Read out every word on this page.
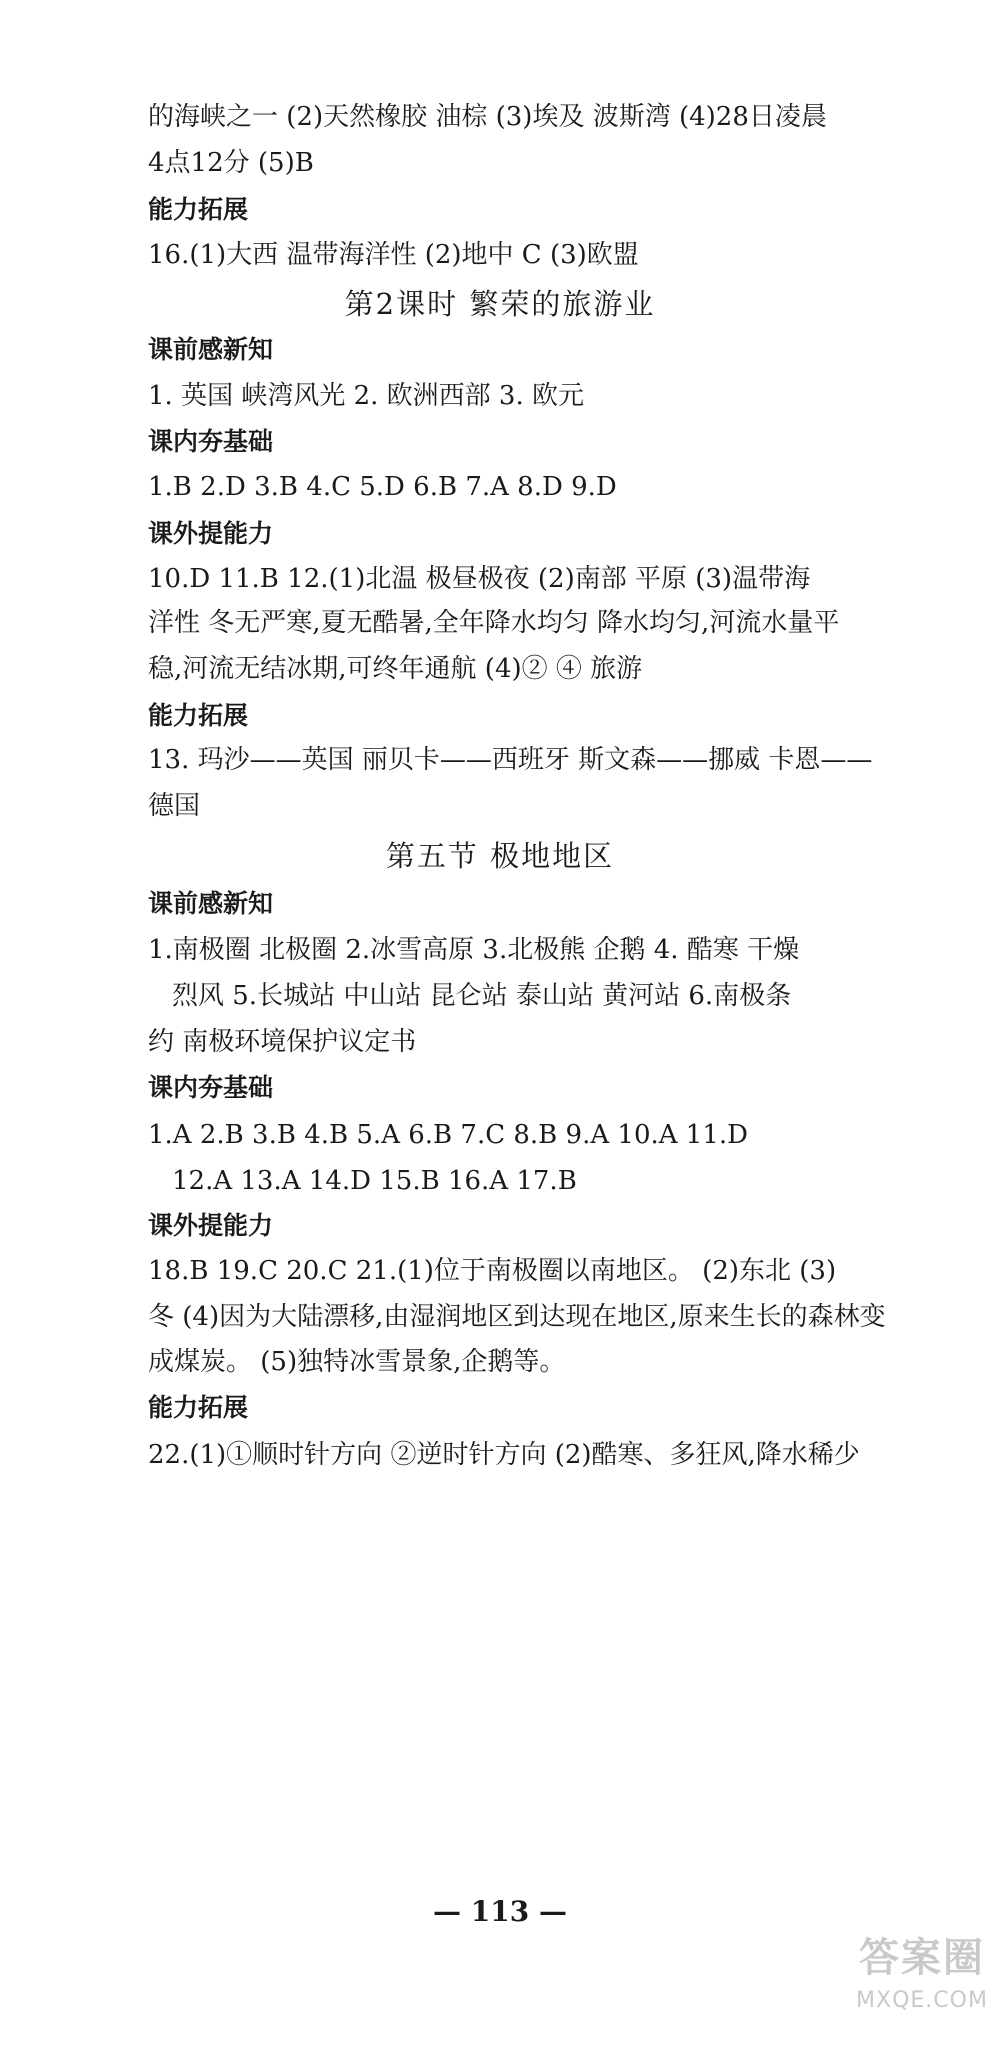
的海峡之一 (2)天然橡胶 油棕 (3)埃及 波斯湾 (4)28日凌晨
4点12分 (5)B
能力拓展
16.(1)大西 温带海洋性 (2)地中 C (3)欧盟
第2课时 繁荣的旅游业
课前感新知
1. 英国 峡湾风光 2. 欧洲西部 3. 欧元
课内夯基础
1.B 2.D 3.B 4.C 5.D 6.B 7.A 8.D 9.D
课外提能力
10.D 11.B 12.(1)北温 极昼极夜 (2)南部 平原 (3)温带海
洋性 冬无严寒,夏无酷暑,全年降水均匀 降水均匀,河流水量平
稳,河流无结冰期,可终年通航 (4)② ④ 旅游
能力拓展
13. 玛沙——英国 丽贝卡——西班牙 斯文森——挪威 卡恩——
德国
第五节 极地地区
课前感新知
1.南极圈 北极圈 2.冰雪高原 3.北极熊 企鹅 4. 酷寒 干燥
烈风 5.长城站 中山站 昆仑站 泰山站 黄河站 6.南极条
约 南极环境保护议定书
课内夯基础
1.A 2.B 3.B 4.B 5.A 6.B 7.C 8.B 9.A 10.A 11.D
12.A 13.A 14.D 15.B 16.A 17.B
课外提能力
18.B 19.C 20.C 21.(1)位于南极圈以南地区。 (2)东北 (3)
冬 (4)因为大陆漂移,由湿润地区到达现在地区,原来生长的森林变
成煤炭。 (5)独特冰雪景象,企鹅等。
能力拓展
22.(1)①顺时针方向 ②逆时针方向 (2)酷寒、多狂风,降水稀少
— 113 —
答案圈
MXQE.COM
